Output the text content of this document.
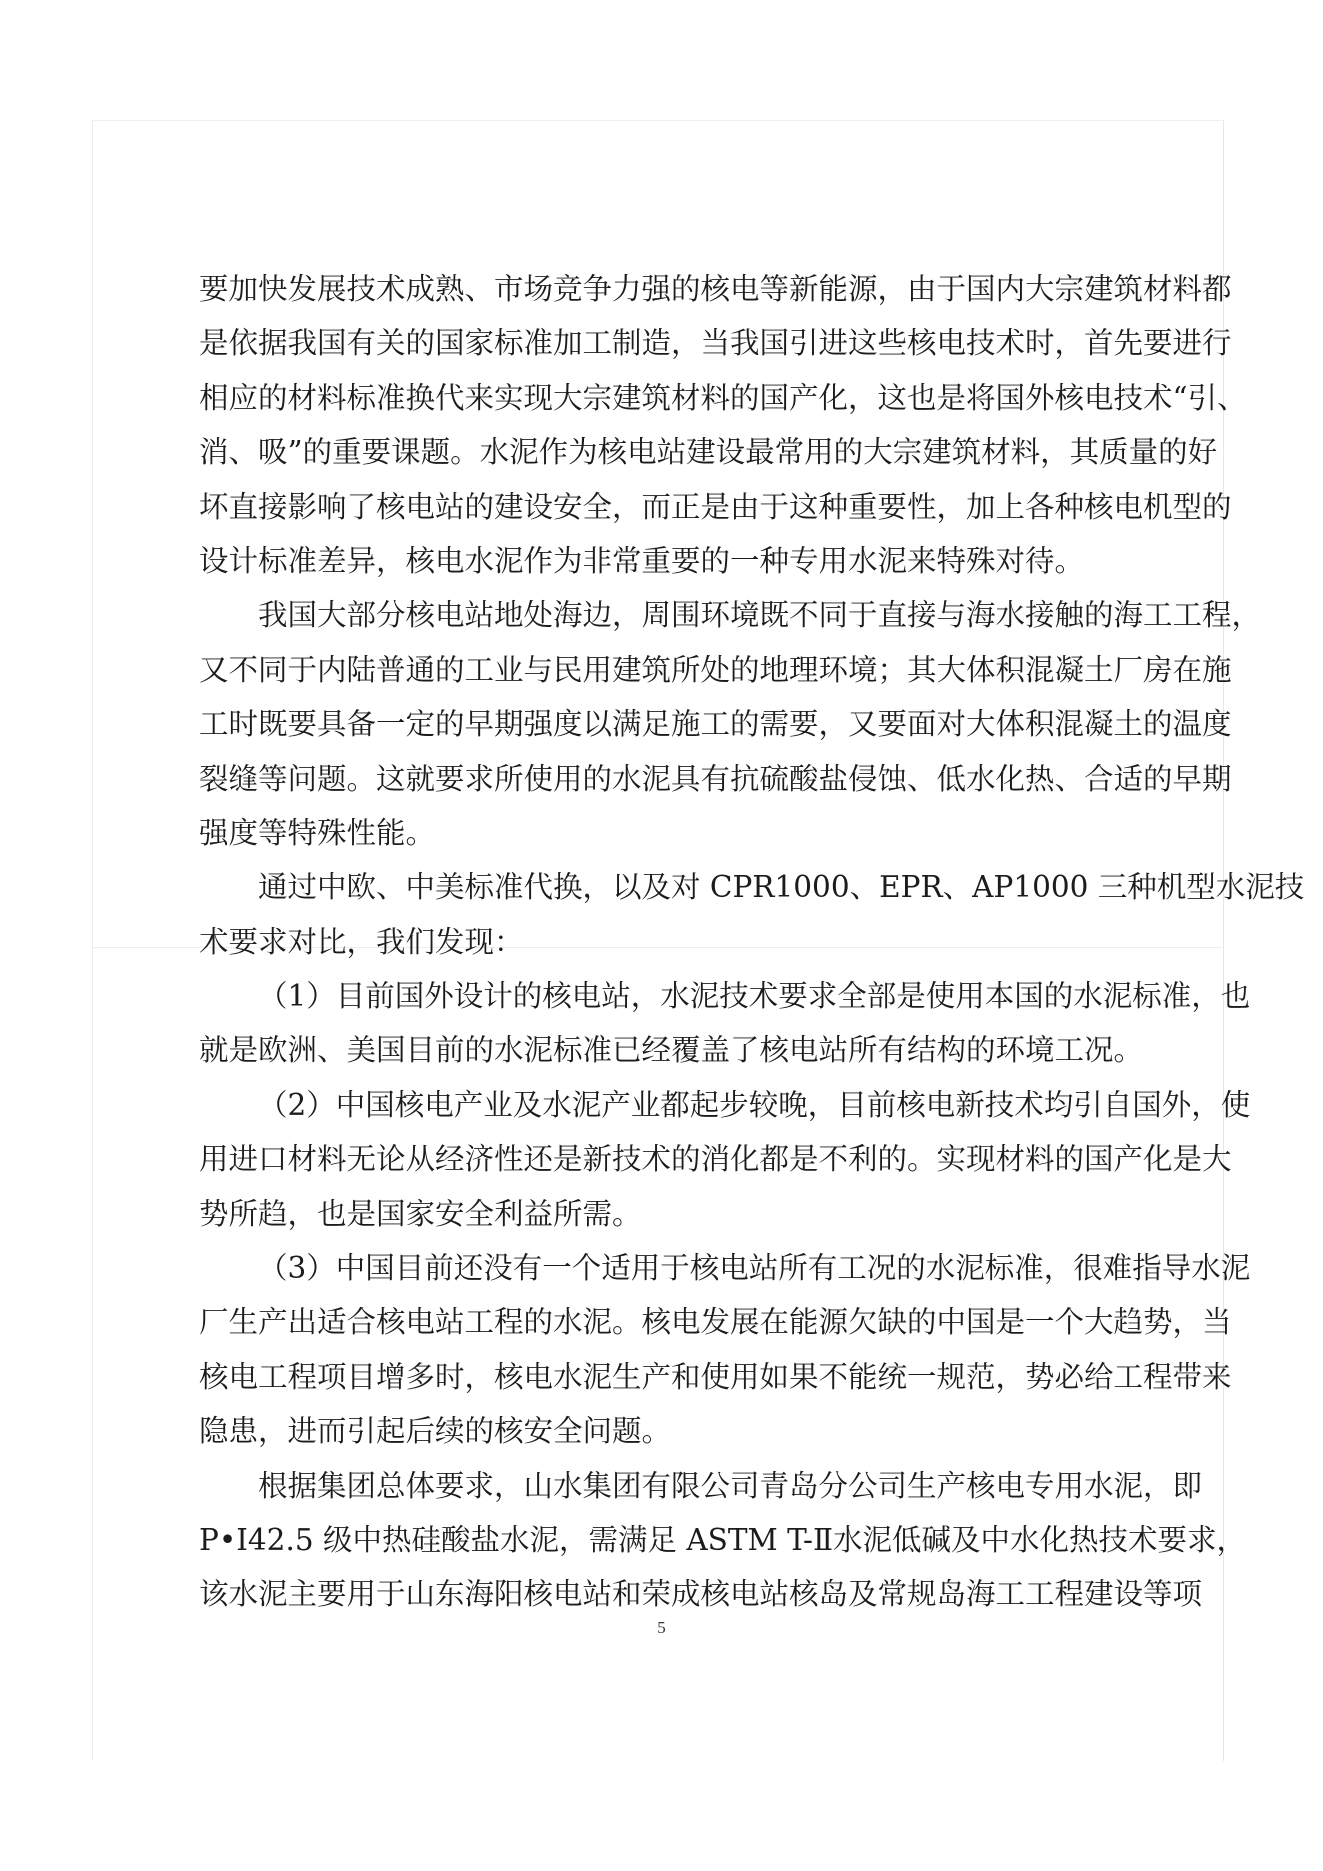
要加快发展技术成熟、市场竞争力强的核电等新能源，由于国内大宗建筑材料都
是依据我国有关的国家标准加工制造，当我国引进这些核电技术时，首先要进行
相应的材料标准换代来实现大宗建筑材料的国产化，这也是将国外核电技术“引、
消、吸”的重要课题。水泥作为核电站建设最常用的大宗建筑材料，其质量的好
坏直接影响了核电站的建设安全，而正是由于这种重要性，加上各种核电机型的
设计标准差异，核电水泥作为非常重要的一种专用水泥来特殊对待。
我国大部分核电站地处海边，周围环境既不同于直接与海水接触的海工工程，
又不同于内陆普通的工业与民用建筑所处的地理环境；其大体积混凝土厂房在施
工时既要具备一定的早期强度以满足施工的需要，又要面对大体积混凝土的温度
裂缝等问题。这就要求所使用的水泥具有抗硫酸盐侵蚀、低水化热、合适的早期
强度等特殊性能。
通过中欧、中美标准代换，以及对 CPR1000、EPR、AP1000 三种机型水泥技
术要求对比，我们发现：
（1）目前国外设计的核电站，水泥技术要求全部是使用本国的水泥标准，也
就是欧洲、美国目前的水泥标准已经覆盖了核电站所有结构的环境工况。
（2）中国核电产业及水泥产业都起步较晚，目前核电新技术均引自国外，使
用进口材料无论从经济性还是新技术的消化都是不利的。实现材料的国产化是大
势所趋，也是国家安全利益所需。
（3）中国目前还没有一个适用于核电站所有工况的水泥标准，很难指导水泥
厂生产出适合核电站工程的水泥。核电发展在能源欠缺的中国是一个大趋势，当
核电工程项目增多时，核电水泥生产和使用如果不能统一规范，势必给工程带来
隐患，进而引起后续的核安全问题。
根据集团总体要求，山水集团有限公司青岛分公司生产核电专用水泥，即
P•I42.5 级中热硅酸盐水泥，需满足 ASTM T-Ⅱ水泥低碱及中水化热技术要求，
该水泥主要用于山东海阳核电站和荣成核电站核岛及常规岛海工工程建设等项
5
